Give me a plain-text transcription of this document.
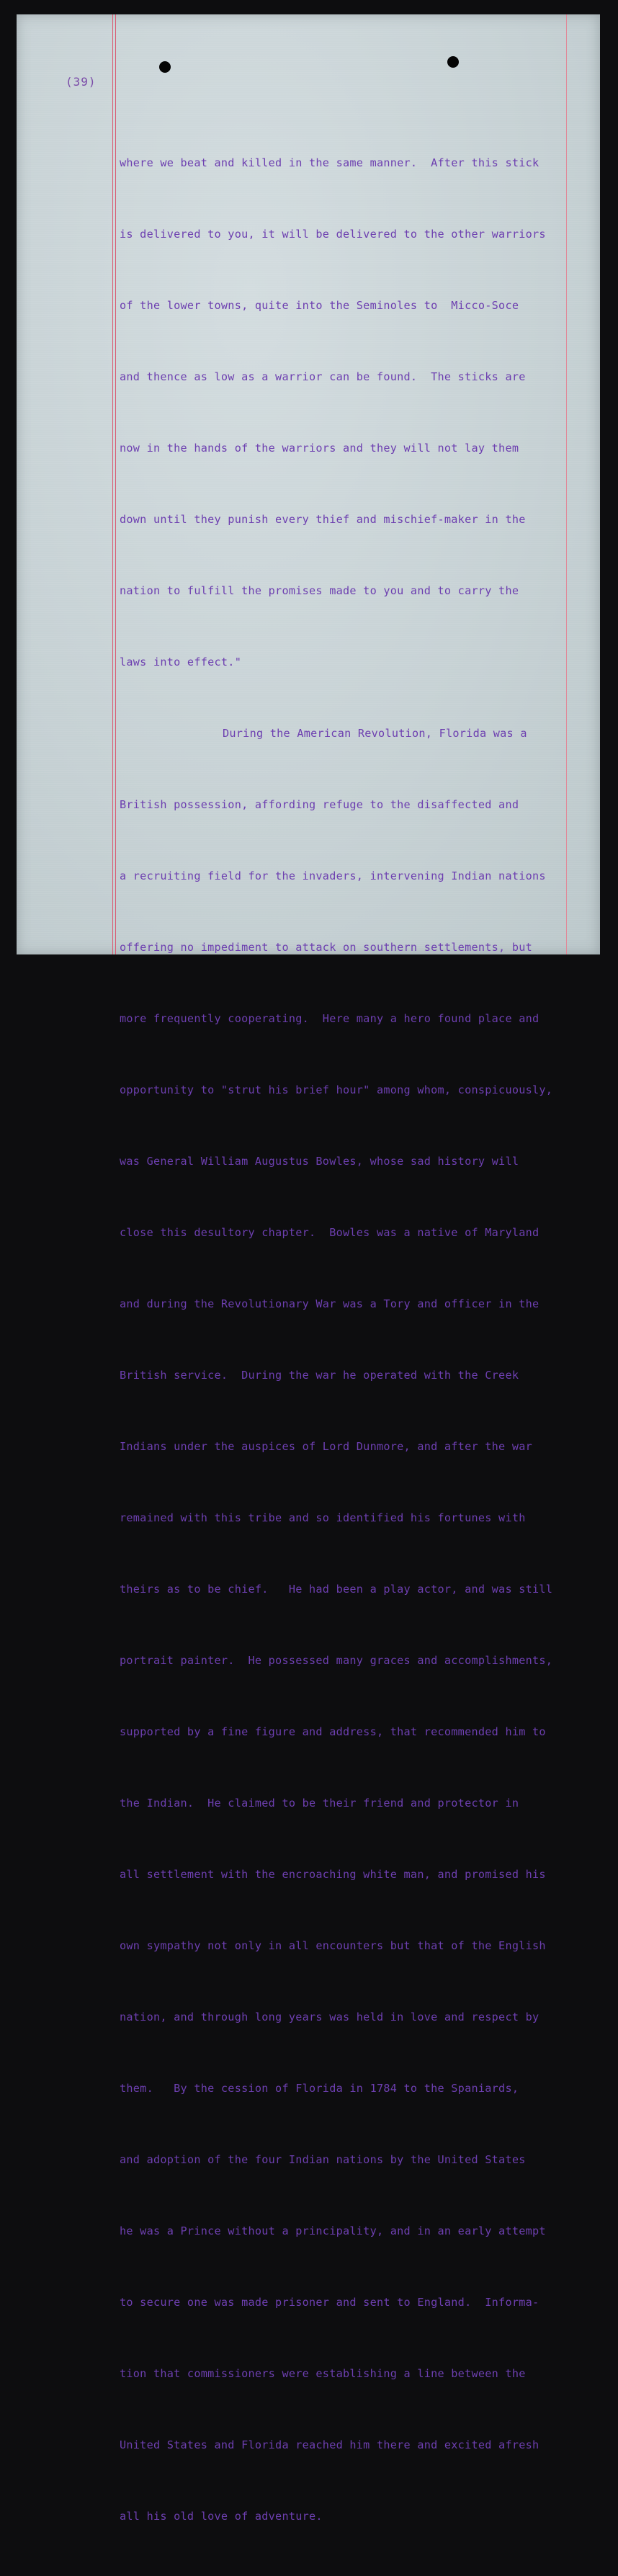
(39)

where we beat and killed in the same manner.  After this stick

is delivered to you, it will be delivered to the other warriors

of the lower towns, quite into the Seminoles to  Micco-Soce

and thence as low as a warrior can be found.  The sticks are

now in the hands of the warriors and they will not lay them

down until they punish every thief and mischief-maker in the

nation to fulfill the promises made to you and to carry the

laws into effect."

During the American Revolution, Florida was a

British possession, affording refuge to the disaffected and

a recruiting field for the invaders, intervening Indian nations

offering no impediment to attack on southern settlements, but

more frequently cooperating.  Here many a hero found place and

opportunity to "strut his brief hour" among whom, conspicuously,

was General William Augustus Bowles, whose sad history will

close this desultory chapter.  Bowles was a native of Maryland

and during the Revolutionary War was a Tory and officer in the

British service.  During the war he operated with the Creek

Indians under the auspices of Lord Dunmore, and after the war

remained with this tribe and so identified his fortunes with

theirs as to be chief.   He had been a play actor, and was still

portrait painter.  He possessed many graces and accomplishments,

supported by a fine figure and address, that recommended him to

the Indian.  He claimed to be their friend and protector in

all settlement with the encroaching white man, and promised his

own sympathy not only in all encounters but that of the English

nation, and through long years was held in love and respect by

them.   By the cession of Florida in 1784 to the Spaniards,

and adoption of the four Indian nations by the United States

he was a Prince without a principality, and in an early attempt

to secure one was made prisoner and sent to England.  Informa-

tion that commissioners were establishing a line between the

United States and Florida reached him there and excited afresh

all his old love of adventure.
